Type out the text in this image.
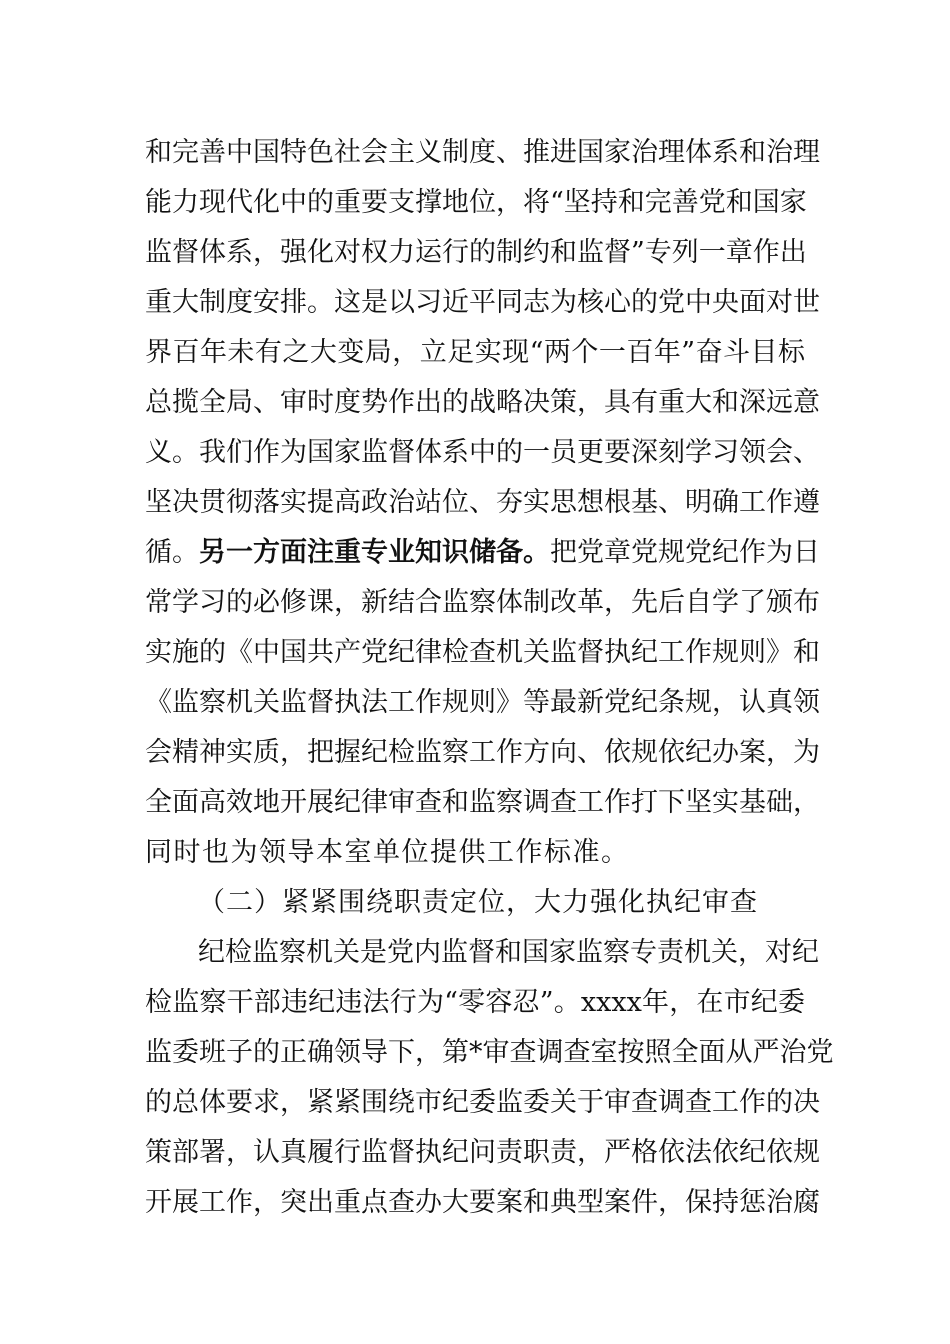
和完善中国特色社会主义制度、推进国家治理体系和治理
能力现代化中的重要支撑地位，将“坚持和完善党和国家
监督体系，强化对权力运行的制约和监督”专列一章作出
重大制度安排。这是以习近平同志为核心的党中央面对世
界百年未有之大变局，立足实现“两个一百年”奋斗目标
总揽全局、审时度势作出的战略决策，具有重大和深远意
义。我们作为国家监督体系中的一员更要深刻学习领会、
坚决贯彻落实提高政治站位、夯实思想根基、明确工作遵
循。另一方面注重专业知识储备。把党章党规党纪作为日
常学习的必修课，新结合监察体制改革，先后自学了颁布
实施的《中国共产党纪律检查机关监督执纪工作规则》和
《监察机关监督执法工作规则》等最新党纪条规，认真领
会精神实质，把握纪检监察工作方向、依规依纪办案，为
全面高效地开展纪律审查和监察调查工作打下坚实基础，
同时也为领导本室单位提供工作标准。
（二）紧紧围绕职责定位，大力强化执纪审查
纪检监察机关是党内监督和国家监察专责机关，对纪
检监察干部违纪违法行为“零容忍”。xxxx年，在市纪委
监委班子的正确领导下，第*审查调查室按照全面从严治党
的总体要求，紧紧围绕市纪委监委关于审查调查工作的决
策部署，认真履行监督执纪问责职责，严格依法依纪依规
开展工作，突出重点查办大要案和典型案件，保持惩治腐
